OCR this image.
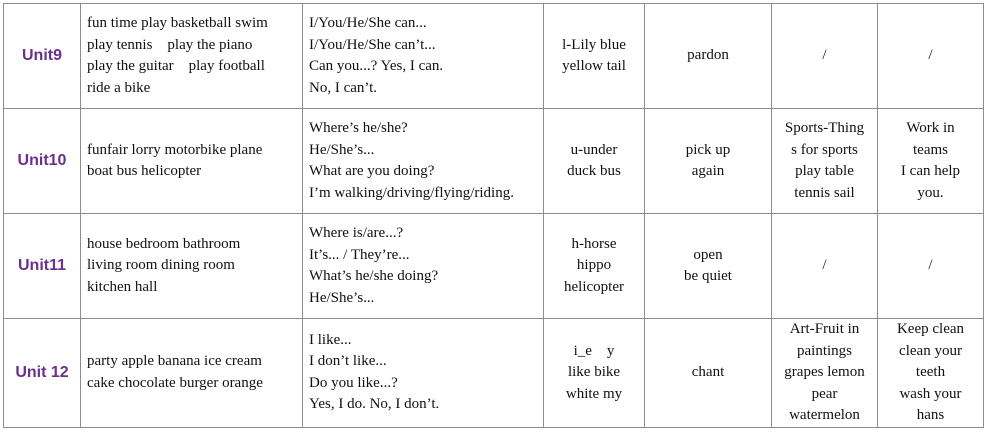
Unit9	fun time play basketball swim
play tennis    play the piano
play the guitar    play football
ride a bike	I/You/He/She can...
I/You/He/She can’t...
Can you...? Yes, I can.
No, I can’t.	l-Lily blue
yellow tail	pardon	/	/

Unit10	funfair lorry motorbike plane
boat bus helicopter	Where’s he/she?
He/She’s...
What are you doing?
I’m walking/driving/flying/riding.	u-under
duck bus	pick up
again	Sports-Thing
s for sports
play table
tennis sail	Work in
teams
I can help
you.

Unit11	house bedroom bathroom
living room dining room
kitchen hall	Where is/are...?
It’s... / They’re...
What’s he/she doing?
He/She’s...	h-horse
hippo
helicopter	open
be quiet	/	/

Unit 12	party apple banana ice cream
cake chocolate burger orange	I like...
I don’t like...
Do you like...?
Yes, I do. No, I don’t.	i_e    y
like bike
white my	chant	Art-Fruit in
paintings
grapes lemon
pear
watermelon	Keep clean
clean your
teeth
wash your
hans
